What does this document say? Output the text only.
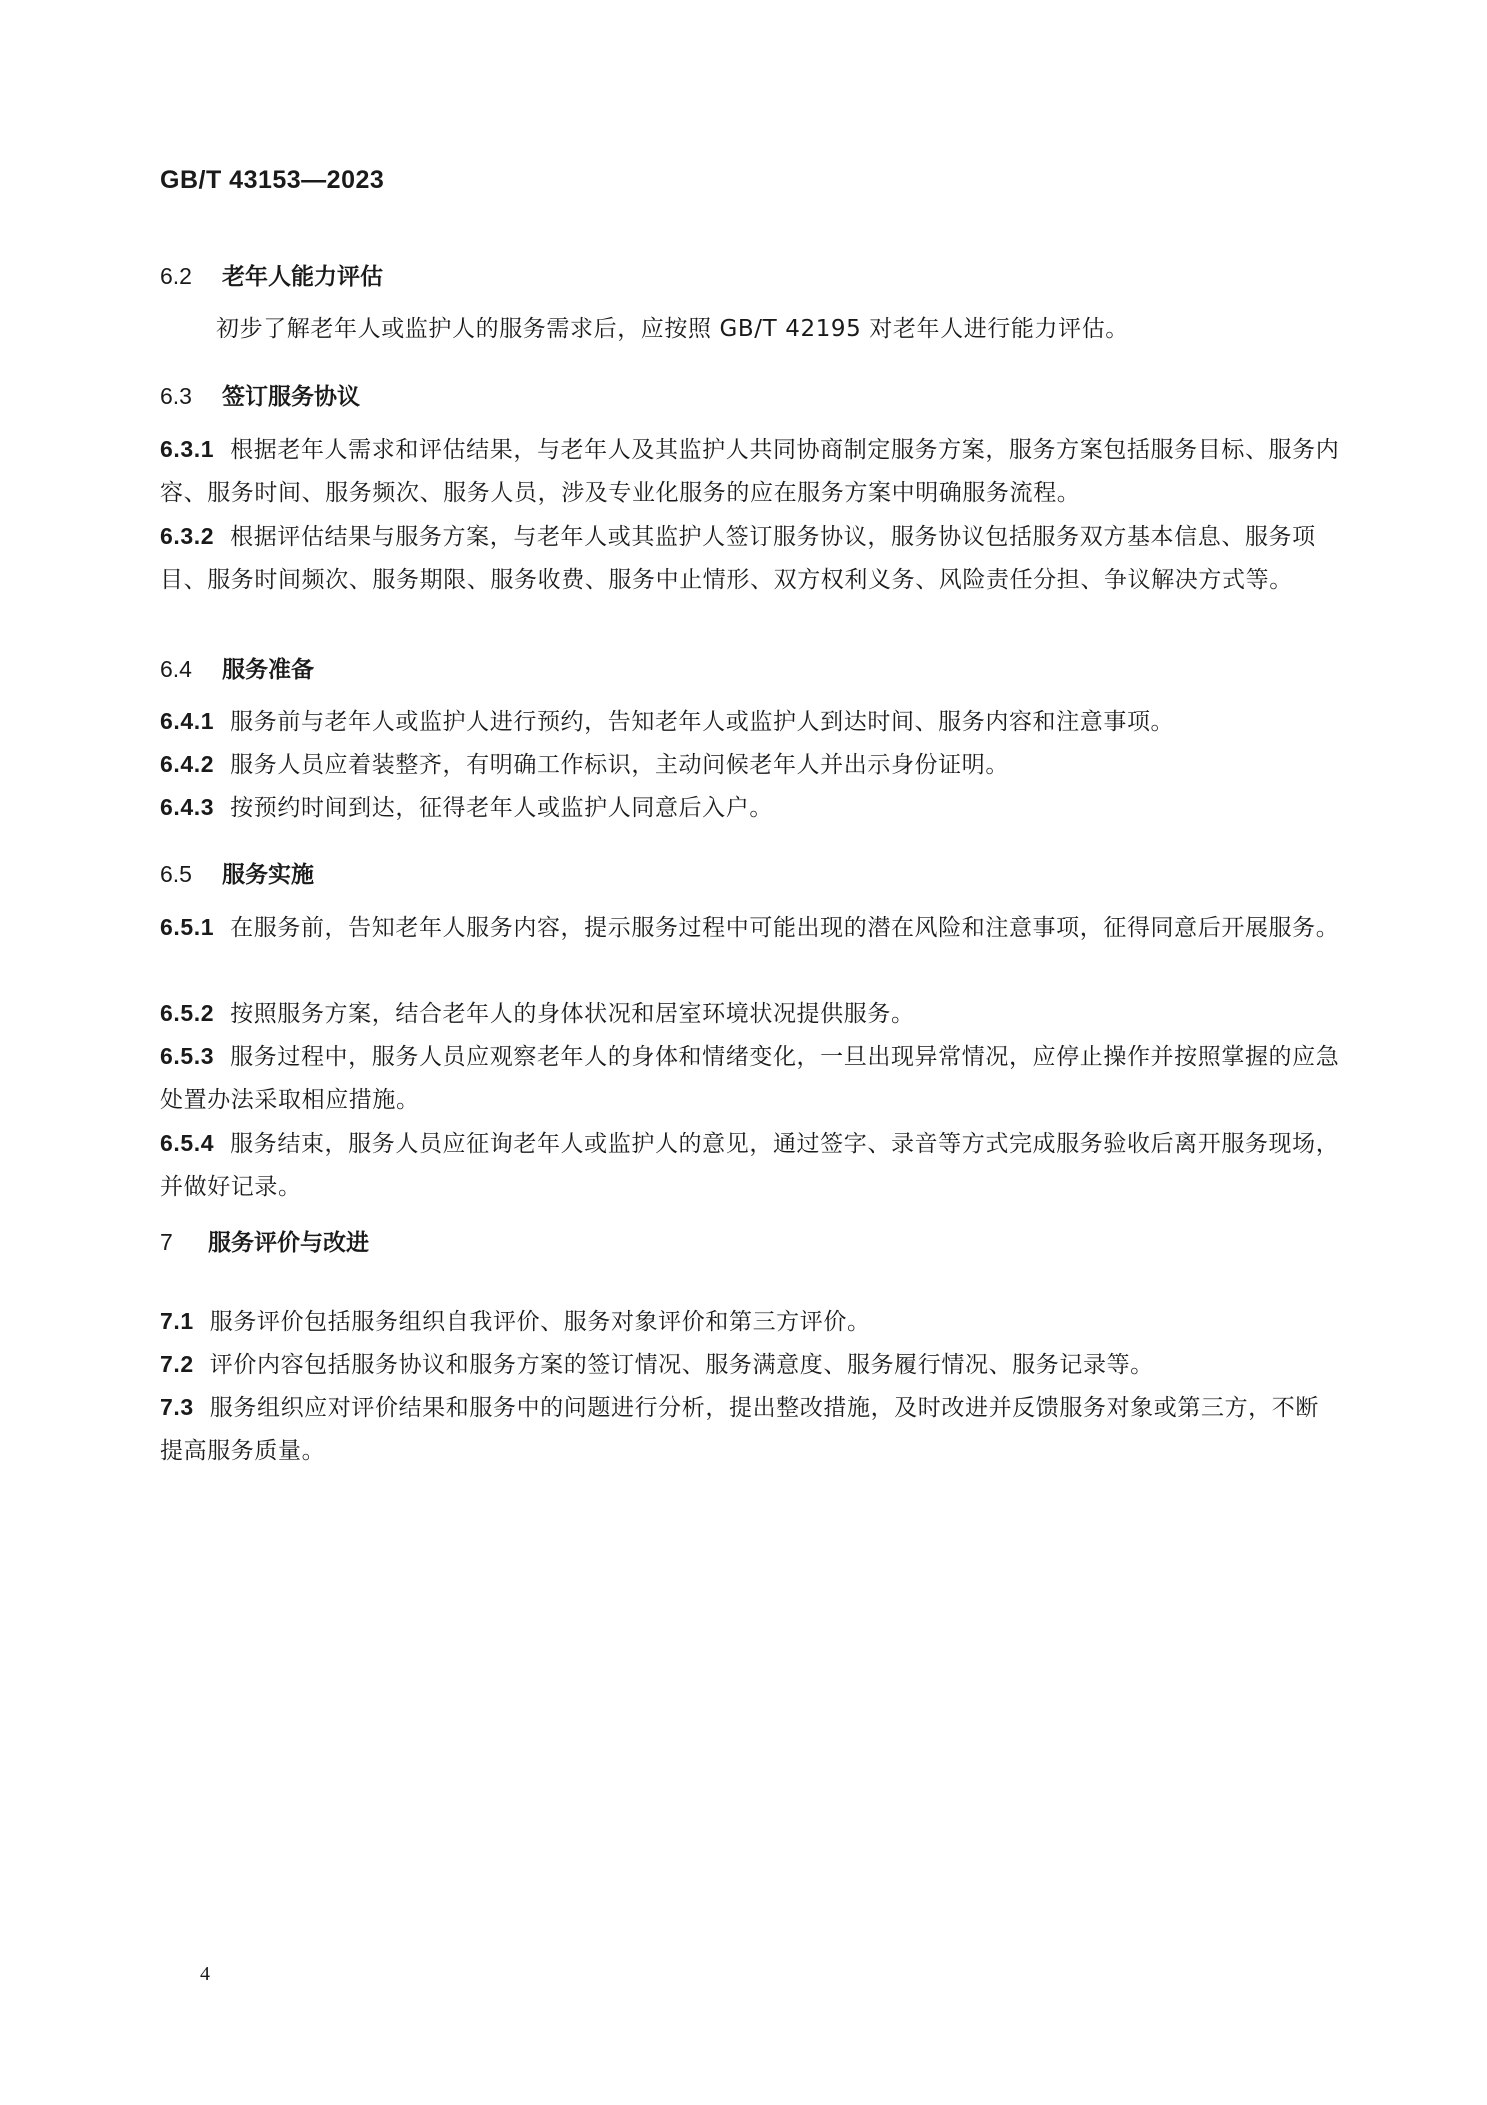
GB/T 43153—2023
6.2 老年人能力评估
初步了解老年人或监护人的服务需求后，应按照 GB/T 42195 对老年人进行能力评估。
6.3 签订服务协议
6.3.1 根据老年人需求和评估结果，与老年人及其监护人共同协商制定服务方案，服务方案包括服务目标、服务内容、服务时间、服务频次、服务人员，涉及专业化服务的应在服务方案中明确服务流程。
6.3.2 根据评估结果与服务方案，与老年人或其监护人签订服务协议，服务协议包括服务双方基本信息、服务项目、服务时间频次、服务期限、服务收费、服务中止情形、双方权利义务、风险责任分担、争议解决方式等。
6.4 服务准备
6.4.1 服务前与老年人或监护人进行预约，告知老年人或监护人到达时间、服务内容和注意事项。
6.4.2 服务人员应着装整齐，有明确工作标识，主动问候老年人并出示身份证明。
6.4.3 按预约时间到达，征得老年人或监护人同意后入户。
6.5 服务实施
6.5.1 在服务前，告知老年人服务内容，提示服务过程中可能出现的潜在风险和注意事项，征得同意后开展服务。
6.5.2 按照服务方案，结合老年人的身体状况和居室环境状况提供服务。
6.5.3 服务过程中，服务人员应观察老年人的身体和情绪变化，一旦出现异常情况，应停止操作并按照掌握的应急处置办法采取相应措施。
6.5.4 服务结束，服务人员应征询老年人或监护人的意见，通过签字、录音等方式完成服务验收后离开服务现场，并做好记录。
7 服务评价与改进
7.1 服务评价包括服务组织自我评价、服务对象评价和第三方评价。
7.2 评价内容包括服务协议和服务方案的签订情况、服务满意度、服务履行情况、服务记录等。
7.3 服务组织应对评价结果和服务中的问题进行分析，提出整改措施，及时改进并反馈服务对象或第三方，不断提高服务质量。
4
